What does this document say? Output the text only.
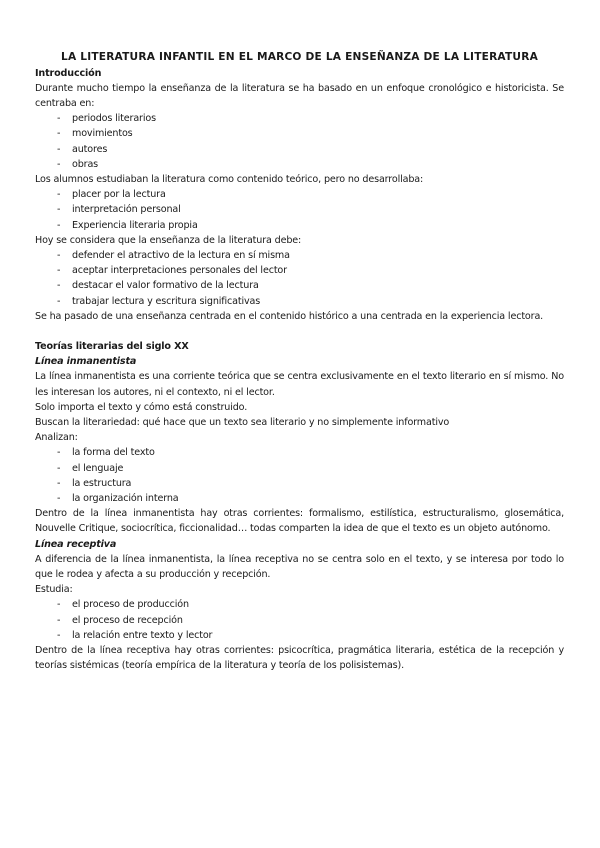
LA LITERATURA INFANTIL EN EL MARCO DE LA ENSEÑANZA DE LA LITERATURA
Introducción

Durante mucho tiempo la enseñanza de la literatura se ha basado en un enfoque cronológico e historicista. Se centraba en:

- periodos literarios
- movimientos
- autores
- obras

Los alumnos estudiaban la literatura como contenido teórico, pero no desarrollaba:

- placer por la lectura
- interpretación personal
- Experiencia literaria propia

Hoy se considera que la enseñanza de la literatura debe:

- defender el atractivo de la lectura en sí misma
- aceptar interpretaciones personales del lector
- destacar el valor formativo de la lectura
- trabajar lectura y escritura significativas

Se ha pasado de una enseñanza centrada en el contenido histórico a una centrada en la experiencia lectora.

Teorías literarias del siglo XX
Línea inmanentista

La línea inmanentista es una corriente teórica que se centra exclusivamente en el texto literario en sí mismo. No les interesan los autores, ni el contexto, ni el lector.

Solo importa el texto y cómo está construido.

Buscan la literariedad: qué hace que un texto sea literario y no simplemente informativo

Analizan:

- la forma del texto
- el lenguaje
- la estructura
- la organización interna

Dentro de la línea inmanentista hay otras corrientes: formalismo, estilística, estructuralismo, glosemática, Nouvelle Critique, sociocrítica, ficcionalidad… todas comparten la idea de que el texto es un objeto autónomo.

Línea receptiva

A diferencia de la línea inmanentista, la línea receptiva no se centra solo en el texto, y se interesa por todo lo que le rodea y afecta a su producción y recepción.

Estudia:

- el proceso de producción
- el proceso de recepción
- la relación entre texto y lector

Dentro de la línea receptiva hay otras corrientes: psicocrítica, pragmática literaria, estética de la recepción y teorías sistémicas (teoría empírica de la literatura y teoría de los polisistemas).
